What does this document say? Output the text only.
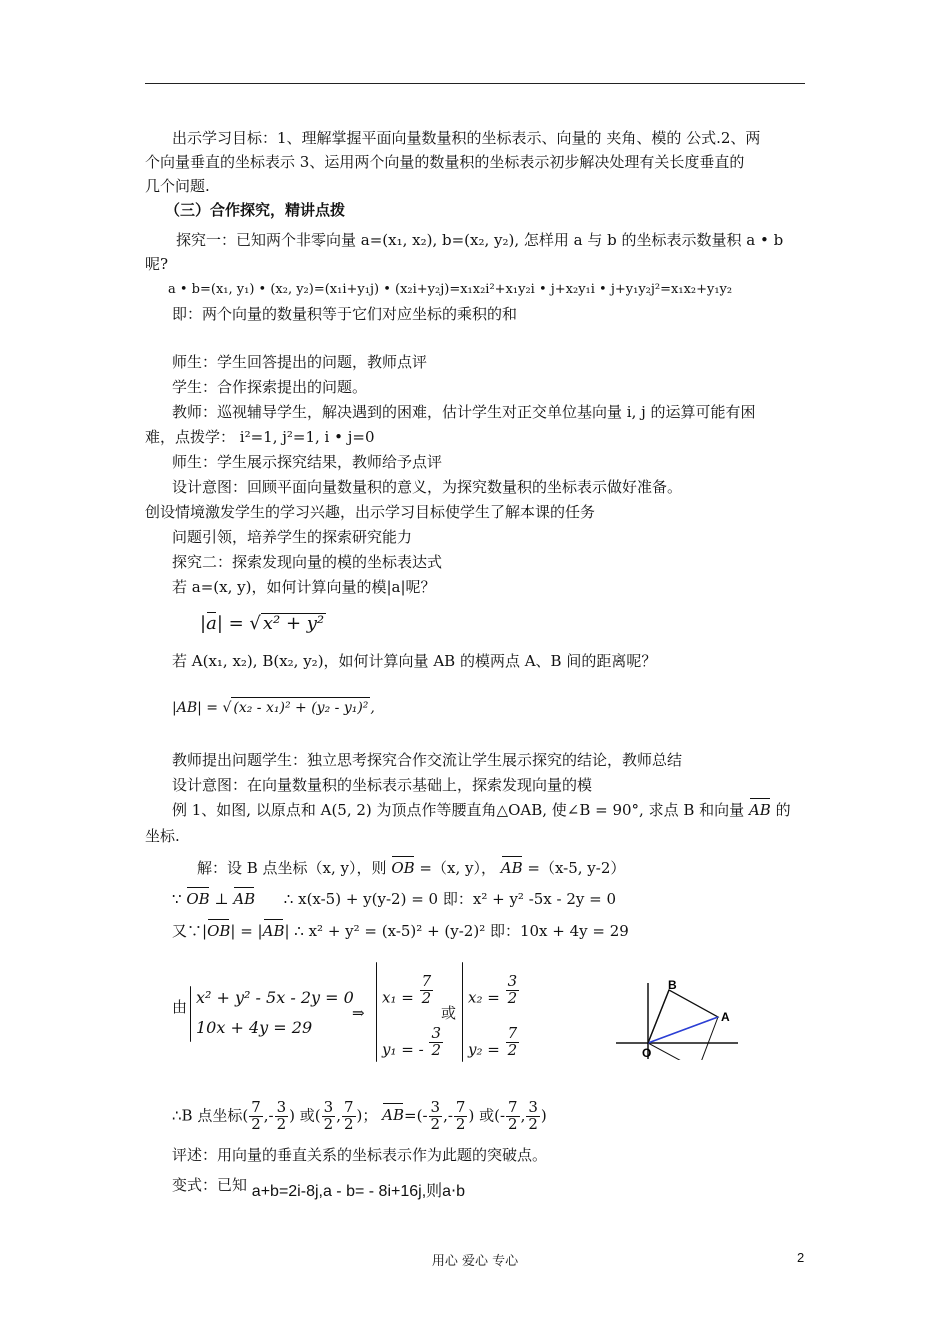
出示学习目标：1、理解掌握平面向量数量积的坐标表示、向量的 夹角、模的 公式.2、两
个向量垂直的坐标表示 3、运用两个向量的数量积的坐标表示初步解决处理有关长度垂直的
几个问题.
（三）合作探究，精讲点拨
探究一：已知两个非零向量 a=(x₁, x₂), b=(x₂, y₂), 怎样用 a 与 b 的坐标表示数量积 a • b
呢?
a • b=(x₁, y₁) • (x₂, y₂)=(x₁i+y₁j) • (x₂i+y₂j)=x₁x₂i²+x₁y₂i • j+x₂y₁i • j+y₁y₂j²=x₁x₂+y₁y₂
即：两个向量的数量积等于它们对应坐标的乘积的和
师生：学生回答提出的问题，教师点评
学生：合作探索提出的问题。
教师：巡视辅导学生，解决遇到的困难，估计学生对正交单位基向量 i, j 的运算可能有困
难，点拨学： i²=1, j²=1, i • j=0
师生：学生展示探究结果，教师给予点评
设计意图：回顾平面向量数量积的意义，为探究数量积的坐标表示做好准备。
创设情境激发学生的学习兴趣，出示学习目标使学生了解本课的任务
问题引领，培养学生的探索研究能力
探究二：探索发现向量的模的坐标表达式
若 a=(x, y)，如何计算向量的模|a|呢？
|a| = √ x² + y²
若 A(x₁, x₂), B(x₂, y₂)，如何计算向量 AB 的模两点 A、B 间的距离呢？
|AB| = √ (x₂ - x₁)² + (y₂ - y₁)² ,
教师提出问题学生：独立思考探究合作交流让学生展示探究的结论，教师总结
设计意图：在向量数量积的坐标表示基础上，探索发现向量的模
例 1、如图, 以原点和 A(5, 2) 为顶点作等腰直角△OAB, 使∠B = 90°, 求点 B 和向量 AB 的
坐标.
解：设 B 点坐标（x, y），则 OB =（x, y）， AB =（x-5, y-2）
∵ OB ⊥ AB ∴ x(x-5) + y(y-2) = 0 即：x² + y² -5x - 2y = 0
又∵|OB| = |AB| ∴ x² + y² = (x-5)² + (y-2)² 即：10x + 4y = 29
由 x² + y² - 5x - 2y = 0
10x + 4y = 29
⇒
$x_1 = \frac{7}{2}$
y₁ = - $\frac{3}{2}$
或
$x_2 = \frac{3}{2}$
$y_2 = \frac{7}{2}$
B
A
O
∴B 点坐标( $\frac{7}{2}$ ,- $\frac{3}{2}$ ) 或( $\frac{3}{2}$ , $\frac{7}{2}$ )； $AB=(- \frac{3}{2}$ ,- $\frac{7}{2}$ ) 或(- $\frac{7}{2}$ , $\frac{3}{2}$ )
评述：用向量的垂直关系的坐标表示作为此题的突破点。
变式：已知 a+b=2i-8j,a - b= - 8i+16j,则a⋅b
用心 爱心 专心	2
